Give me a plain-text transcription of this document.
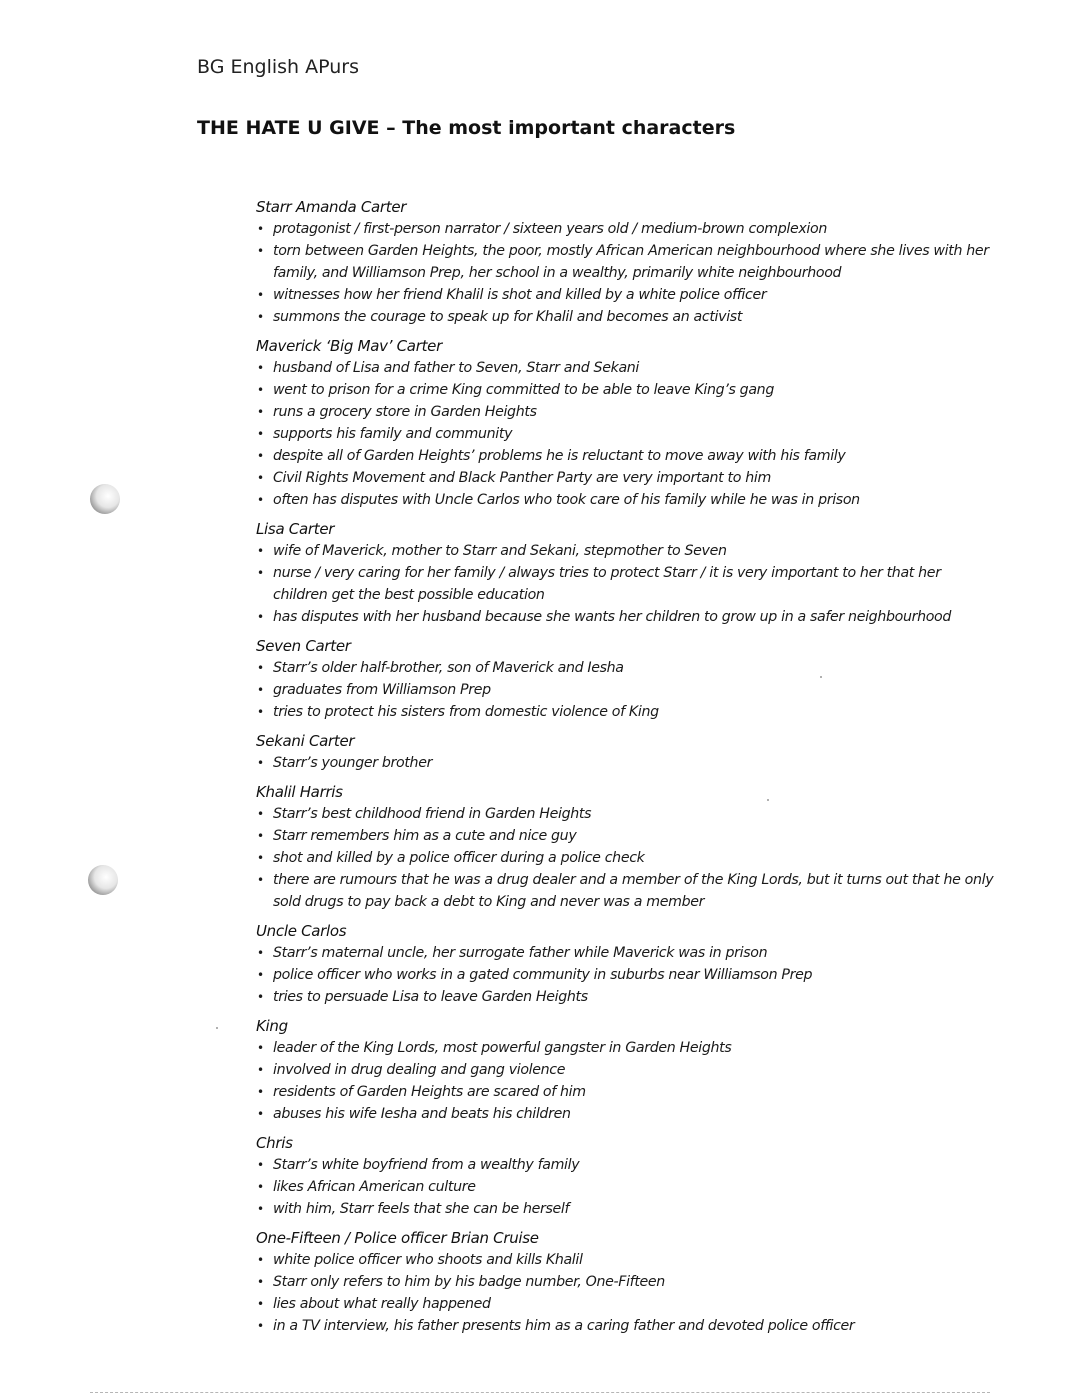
BG English APurs
THE HATE U GIVE – The most important characters
Starr Amanda Carter
• protagonist / first-person narrator / sixteen years old / medium-brown complexion
• torn between Garden Heights, the poor, mostly African American neighbourhood where she lives with her family, and Williamson Prep, her school in a wealthy, primarily white neighbourhood
• witnesses how her friend Khalil is shot and killed by a white police officer
• summons the courage to speak up for Khalil and becomes an activist
Maverick ‘Big Mav’ Carter
• husband of Lisa and father to Seven, Starr and Sekani
• went to prison for a crime King committed to be able to leave King’s gang
• runs a grocery store in Garden Heights
• supports his family and community
• despite all of Garden Heights’ problems he is reluctant to move away with his family
• Civil Rights Movement and Black Panther Party are very important to him
• often has disputes with Uncle Carlos who took care of his family while he was in prison
Lisa Carter
• wife of Maverick, mother to Starr and Sekani, stepmother to Seven
• nurse / very caring for her family / always tries to protect Starr / it is very important to her that her children get the best possible education
• has disputes with her husband because she wants her children to grow up in a safer neighbourhood
Seven Carter
• Starr’s older half-brother, son of Maverick and Iesha
• graduates from Williamson Prep
• tries to protect his sisters from domestic violence of King
Sekani Carter
• Starr’s younger brother
Khalil Harris
• Starr’s best childhood friend in Garden Heights
• Starr remembers him as a cute and nice guy
• shot and killed by a police officer during a police check
• there are rumours that he was a drug dealer and a member of the King Lords, but it turns out that he only sold drugs to pay back a debt to King and never was a member
Uncle Carlos
• Starr’s maternal uncle, her surrogate father while Maverick was in prison
• police officer who works in a gated community in suburbs near Williamson Prep
• tries to persuade Lisa to leave Garden Heights
King
• leader of the King Lords, most powerful gangster in Garden Heights
• involved in drug dealing and gang violence
• residents of Garden Heights are scared of him
• abuses his wife Iesha and beats his children
Chris
• Starr’s white boyfriend from a wealthy family
• likes African American culture
• with him, Starr feels that she can be herself
One-Fifteen / Police officer Brian Cruise
• white police officer who shoots and kills Khalil
• Starr only refers to him by his badge number, One-Fifteen
• lies about what really happened
• in a TV interview, his father presents him as a caring father and devoted police officer
